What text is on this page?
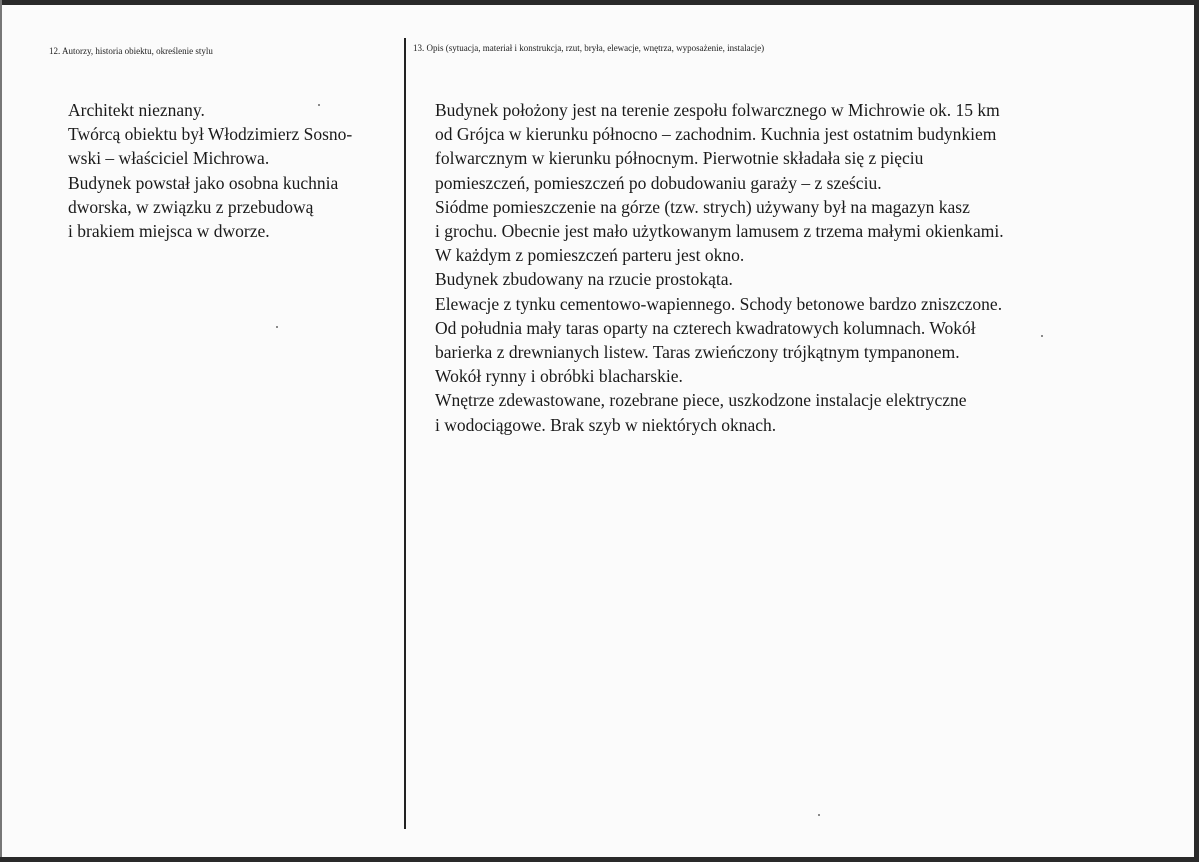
12. Autorzy, historia obiektu, określenie stylu	13. Opis (sytuacja, materiał i konstrukcja, rzut, bryła, elewacje, wnętrza, wyposażenie, instalacje)
Architekt nieznany.
Twórcą obiektu był Włodzimierz Sosno-
wski – właściciel Michrowa.
Budynek powstał jako osobna kuchnia
dworska, w związku z przebudową
i brakiem miejsca w dworze.
Budynek położony jest na terenie zespołu folwarcznego w Michrowie ok. 15 km
od Grójca w kierunku północno – zachodnim. Kuchnia jest ostatnim budynkiem
folwarcznym w kierunku północnym. Pierwotnie składała się z pięciu
pomieszczeń, pomieszczeń po dobudowaniu garaży – z sześciu.
Siódme pomieszczenie na górze (tzw. strych) używany był na magazyn kasz
i grochu. Obecnie jest mało użytkowanym lamusem z trzema małymi okienkami.
W każdym z pomieszczeń parteru jest okno.
Budynek zbudowany na rzucie prostokąta.
Elewacje z tynku cementowo-wapiennego. Schody betonowe bardzo zniszczone.
Od południa mały taras oparty na czterech kwadratowych kolumnach. Wokół
barierka z drewnianych listew. Taras zwieńczony trójkątnym tympanonem.
Wokół rynny i obróbki blacharskie.
Wnętrze zdewastowane, rozebrane piece, uszkodzone instalacje elektryczne
i wodociągowe. Brak szyb w niektórych oknach.
